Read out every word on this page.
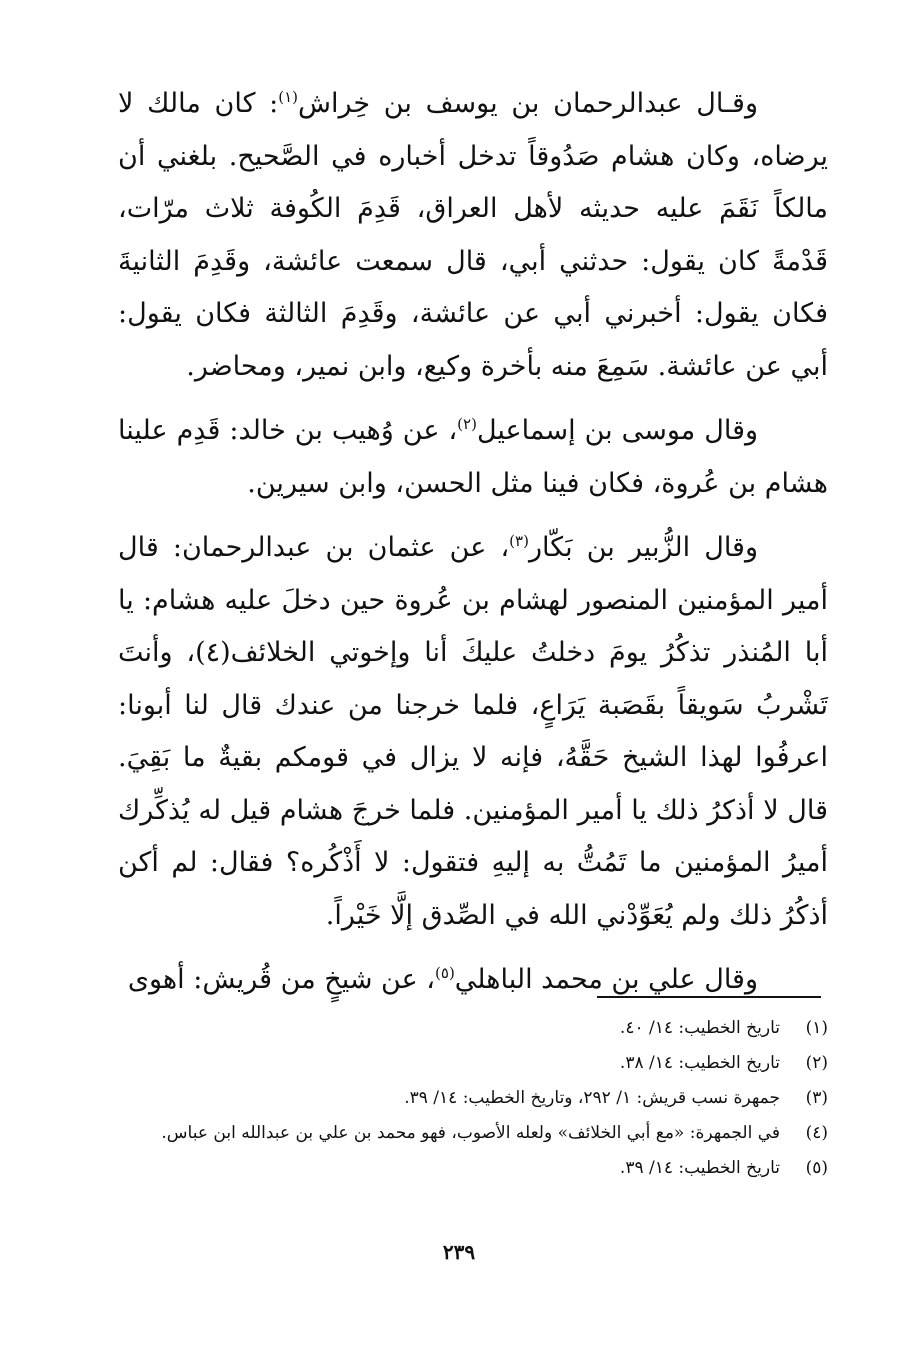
وقـال عبدالرحمان بن يوسف بن خِراش$^{(١)}$: كان مالك لا يرضاه، وكان هشام صَدُوقاً تدخل أخباره في الصَّحيح. بلغني أن مالكاً نَقَمَ عليه حديثه لأهل العراق، قَدِمَ الكُوفة ثلاث مرّات، قَدْمةً كان يقول: حدثني أبي، قال سمعت عائشة، وقَدِمَ الثانيةَ فكان يقول: أخبرني أبي عن عائشة، وقَدِمَ الثالثة فكان يقول: أبي عن عائشة. سَمِعَ منه بأخرة وكيع، وابن نمير، ومحاضر.

وقال موسى بن إسماعيل$^{(٢)}$، عن وُهيب بن خالد: قَدِم علينا هشام بن عُروة، فكان فينا مثل الحسن، وابن سيرين.

وقال الزُّبير بن بَكّار$^{(٣)}$، عن عثمان بن عبدالرحمان: قال أمير المؤمنين المنصور لهشام بن عُروة حين دخلَ عليه هشام: يا أبا المُنذر تذكُرُ يومَ دخلتُ عليكَ أنا وإخوتي الخلائف(٤)، وأنتَ تَشْربُ سَويقاً بقَصَبة يَرَاعٍ، فلما خرجنا من عندك قال لنا أبونا: اعرفُوا لهذا الشيخ حَقَّهُ، فإنه لا يزال في قومكم بقيةٌ ما بَقِيَ. قال لا أذكرُ ذلك يا أمير المؤمنين. فلما خرجَ هشام قيل له يُذكِّرك أميرُ المؤمنين ما تَمُتُّ به إليهِ فتقول: لا أَذْكُره؟ فقال: لم أكن أذكُرُ ذلك ولم يُعَوِّدْني الله في الصِّدق إلَّا خَيْراً.

وقال علي بن محمد الباهلي$^{(٥)}$، عن شيخٍ من قُريش: أهوى

(١)
تاريخ الخطيب: ١٤/ ٤٠.
(٢)
تاريخ الخطيب: ١٤/ ٣٨.
(٣)
جمهرة نسب قريش: ١/ ٢٩٢، وتاريخ الخطيب: ١٤/ ٣٩.
(٤)
في الجمهرة: «مع أبي الخلائف» ولعله الأصوب، فهو محمد بن علي بن عبدالله ابن عباس.
(٥)
تاريخ الخطيب: ١٤/ ٣٩.
٢٣٩
